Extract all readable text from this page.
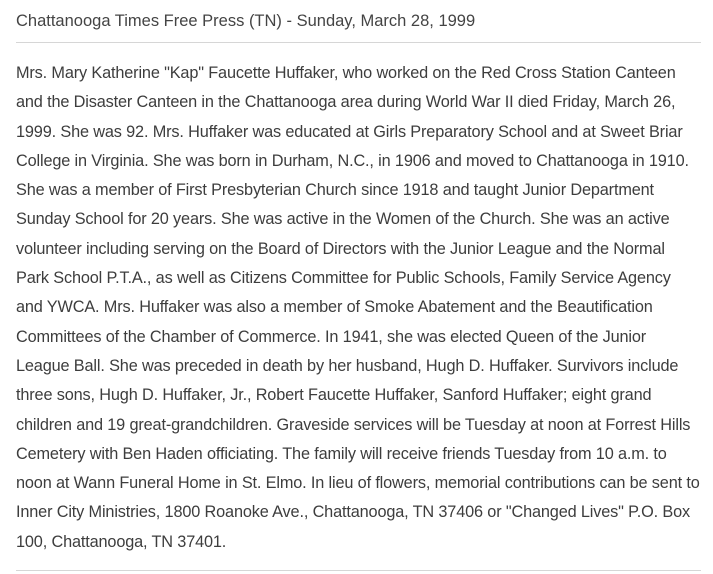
Chattanooga Times Free Press (TN) - Sunday, March 28, 1999

Mrs. Mary Katherine "Kap" Faucette Huffaker, who worked on the Red Cross Station Canteen and the Disaster Canteen in the Chattanooga area during World War II died Friday, March 26, 1999. She was 92. Mrs. Huffaker was educated at Girls Preparatory School and at Sweet Briar College in Virginia. She was born in Durham, N.C., in 1906 and moved to Chattanooga in 1910. She was a member of First Presbyterian Church since 1918 and taught Junior Department Sunday School for 20 years. She was active in the Women of the Church. She was an active volunteer including serving on the Board of Directors with the Junior League and the Normal Park School P.T.A., as well as Citizens Committee for Public Schools, Family Service Agency and YWCA. Mrs. Huffaker was also a member of Smoke Abatement and the Beautification Committees of the Chamber of Commerce. In 1941, she was elected Queen of the Junior League Ball. She was preceded in death by her husband, Hugh D. Huffaker. Survivors include three sons, Hugh D. Huffaker, Jr., Robert Faucette Huffaker, Sanford Huffaker; eight grand children and 19 great-grandchildren. Graveside services will be Tuesday at noon at Forrest Hills Cemetery with Ben Haden officiating. The family will receive friends Tuesday from 10 a.m. to noon at Wann Funeral Home in St. Elmo. In lieu of flowers, memorial contributions can be sent to Inner City Ministries, 1800 Roanoke Ave., Chattanooga, TN 37406 or "Changed Lives" P.O. Box 100, Chattanooga, TN 37401.
